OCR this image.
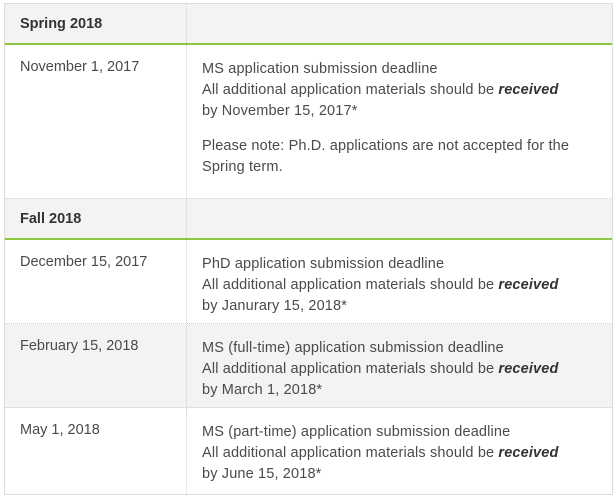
Spring 2018
November 1, 2017	MS application submission deadline
All additional application materials should be received
by November 15, 2017*

Please note: Ph.D. applications are not accepted for the Spring term.

Fall 2018
December 15, 2017	PhD application submission deadline
All additional application materials should be received
by Janurary 15, 2018*

February 15, 2018	MS (full-time) application submission deadline
All additional application materials should be received
by March 1, 2018*

May 1, 2018	MS (part-time) application submission deadline
All additional application materials should be received
by June 15, 2018*
